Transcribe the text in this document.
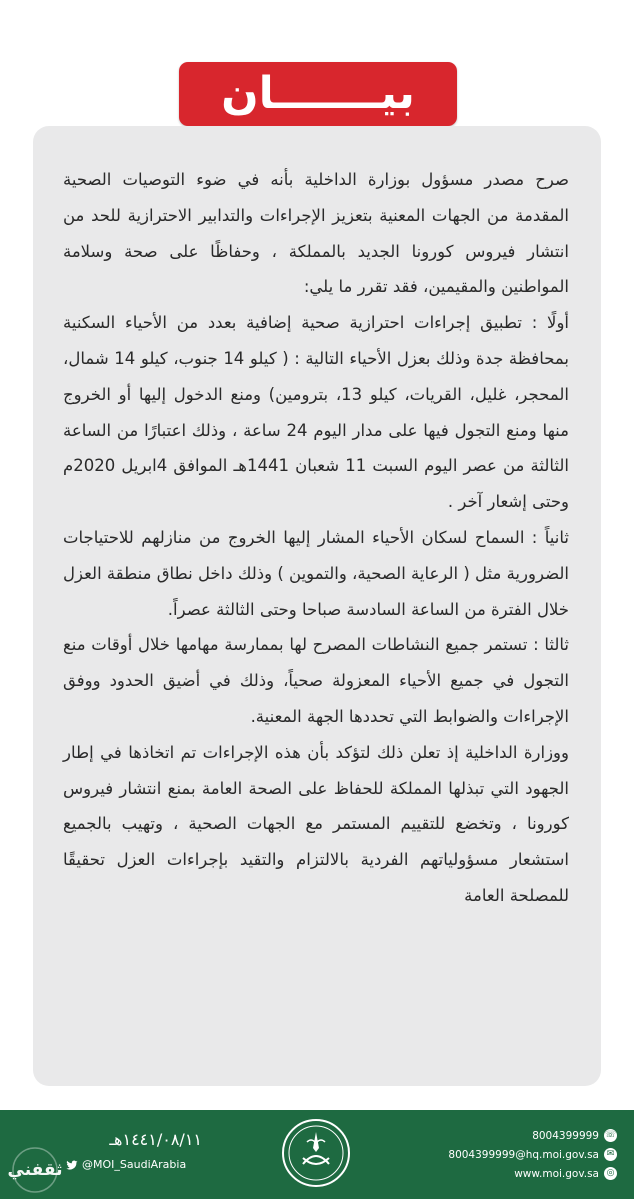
بيـــــــان

صرح مصدر مسؤول بوزارة الداخلية بأنه في ضوء التوصيات الصحية المقدمة من الجهات المعنية بتعزيز الإجراءات والتدابير الاحترازية للحد من انتشار فيروس كورونا الجديد بالمملكة ، وحفاظًا على صحة وسلامة المواطنين والمقيمين، فقد تقرر ما يلي:

أولًا : تطبيق إجراءات احترازية صحية إضافية بعدد من الأحياء السكنية بمحافظة جدة وذلك بعزل الأحياء التالية : ( كيلو 14 جنوب، كيلو 14 شمال، المحجر، غليل، القريات، كيلو 13، بترومين) ومنع الدخول إليها أو الخروج منها ومنع التجول فيها على مدار اليوم 24 ساعة ، وذلك اعتبارًا من الساعة الثالثة من عصر اليوم السبت 11 شعبان 1441هـ الموافق 4ابريل 2020م وحتى إشعار آخر .

ثانياً : السماح لسكان الأحياء المشار إليها الخروج من منازلهم للاحتياجات الضرورية مثل ( الرعاية الصحية، والتموين ) وذلك داخل نطاق منطقة العزل خلال الفترة من الساعة السادسة صباحا وحتى الثالثة عصراً.

ثالثا : تستمر جميع النشاطات المصرح لها بممارسة مهامها خلال أوقات منع التجول في جميع الأحياء المعزولة صحياً، وذلك في أضيق الحدود ووفق الإجراءات والضوابط التي تحددها الجهة المعنية.

ووزارة الداخلية إذ تعلن ذلك لتؤكد بأن هذه الإجراءات تم اتخاذها في إطار الجهود التي تبذلها المملكة للحفاظ على الصحة العامة بمنع انتشار فيروس كورونا ، وتخضع للتقييم المستمر مع الجهات الصحية ، وتهيب بالجميع استشعار مسؤولياتهم الفردية بالالتزام والتقيد بإجراءات العزل تحقيقًا للمصلحة العامة

ثقفني
١٤٤١/٠٨/١١هـ
@MOI_SaudiArabia
8004399999 ☏
8004399999@hq.moi.gov.sa ✉
www.moi.gov.sa ◎
